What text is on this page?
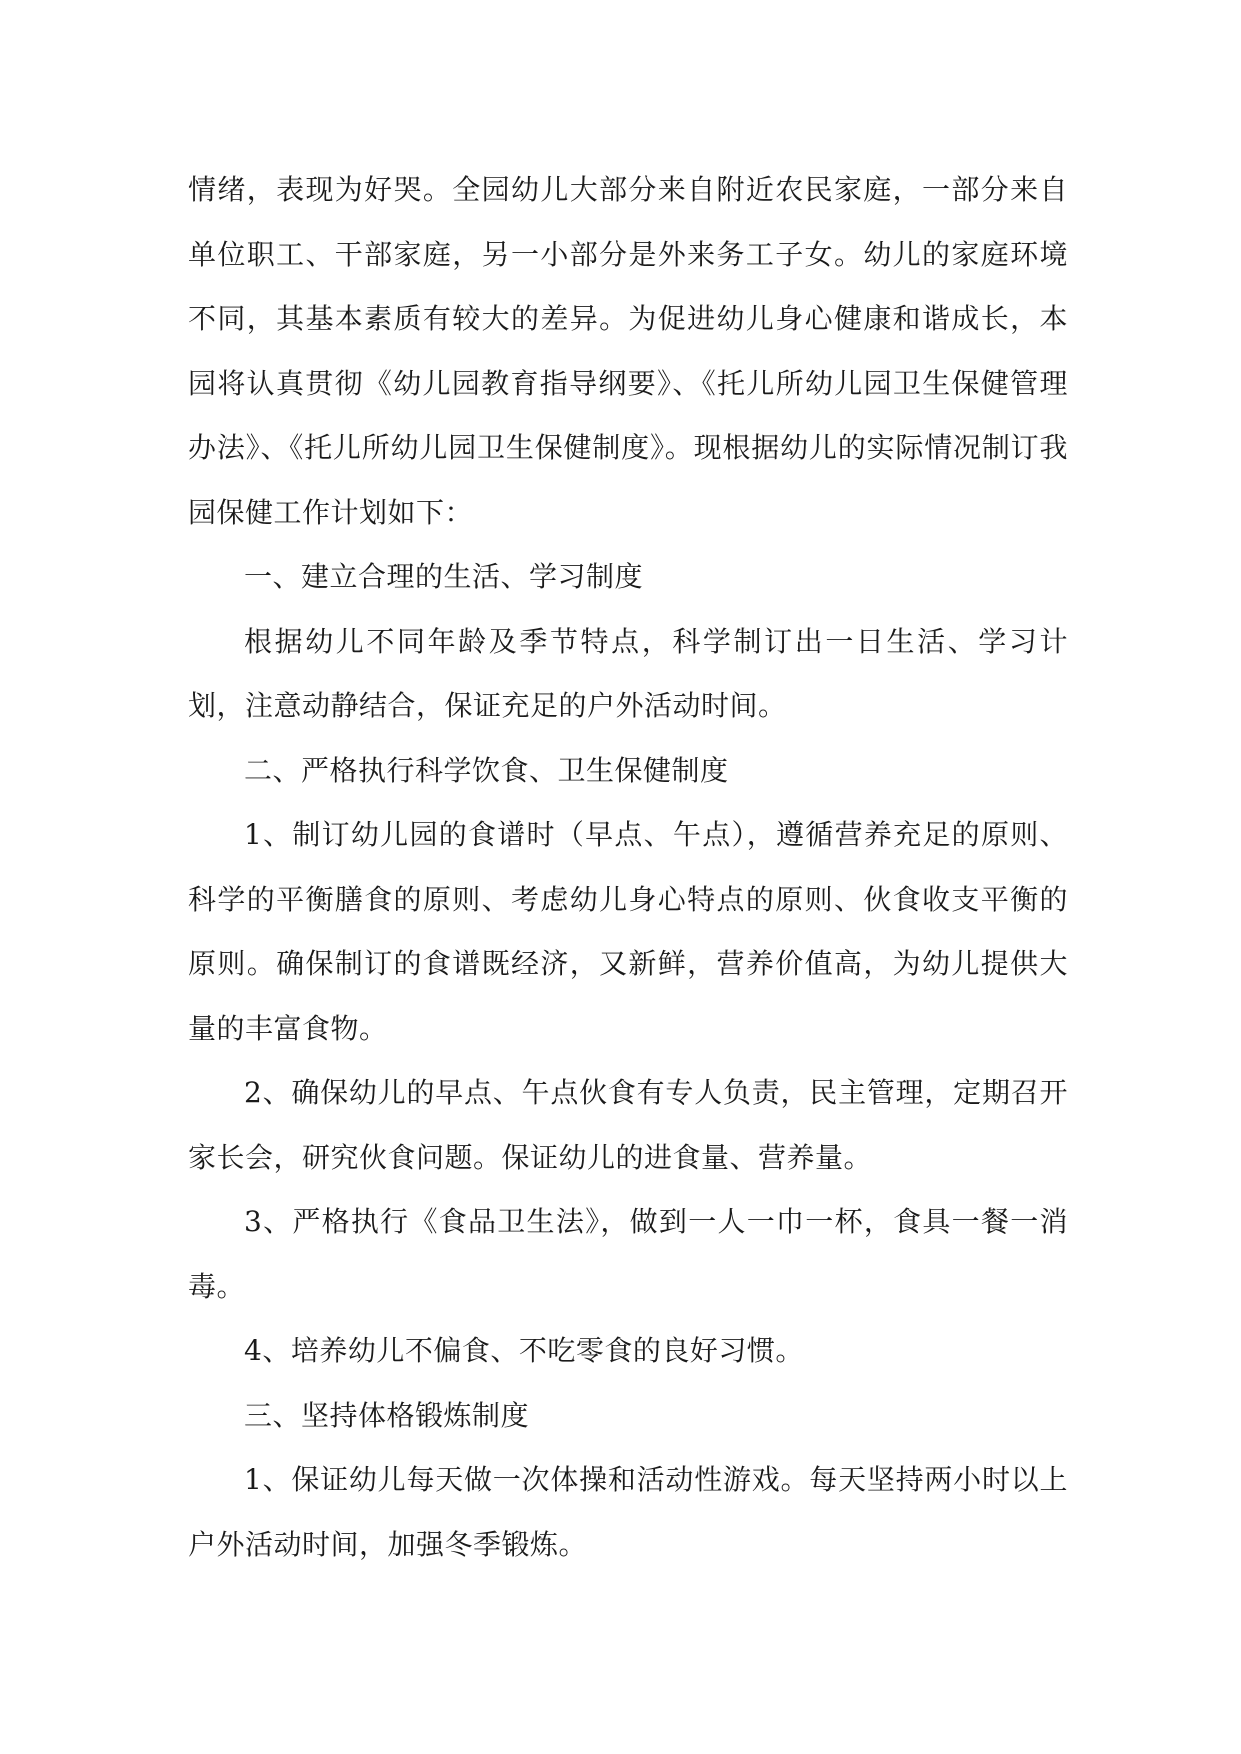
情绪，表现为好哭。全园幼儿大部分来自附近农民家庭，一部分来自单位职工、干部家庭，另一小部分是外来务工子女。幼儿的家庭环境不同，其基本素质有较大的差异。为促进幼儿身心健康和谐成长，本园将认真贯彻《幼儿园教育指导纲要》、《托儿所幼儿园卫生保健管理办法》、《托儿所幼儿园卫生保健制度》。现根据幼儿的实际情况制订我园保健工作计划如下：

一、建立合理的生活、学习制度

根据幼儿不同年龄及季节特点，科学制订出一日生活、学习计划，注意动静结合，保证充足的户外活动时间。

二、严格执行科学饮食、卫生保健制度

1、制订幼儿园的食谱时（早点、午点），遵循营养充足的原则、科学的平衡膳食的原则、考虑幼儿身心特点的原则、伙食收支平衡的原则。确保制订的食谱既经济，又新鲜，营养价值高，为幼儿提供大量的丰富食物。

2、确保幼儿的早点、午点伙食有专人负责，民主管理，定期召开家长会，研究伙食问题。保证幼儿的进食量、营养量。

3、严格执行《食品卫生法》，做到一人一巾一杯，食具一餐一消毒。

4、培养幼儿不偏食、不吃零食的良好习惯。

三、坚持体格锻炼制度

1、保证幼儿每天做一次体操和活动性游戏。每天坚持两小时以上户外活动时间，加强冬季锻炼。
